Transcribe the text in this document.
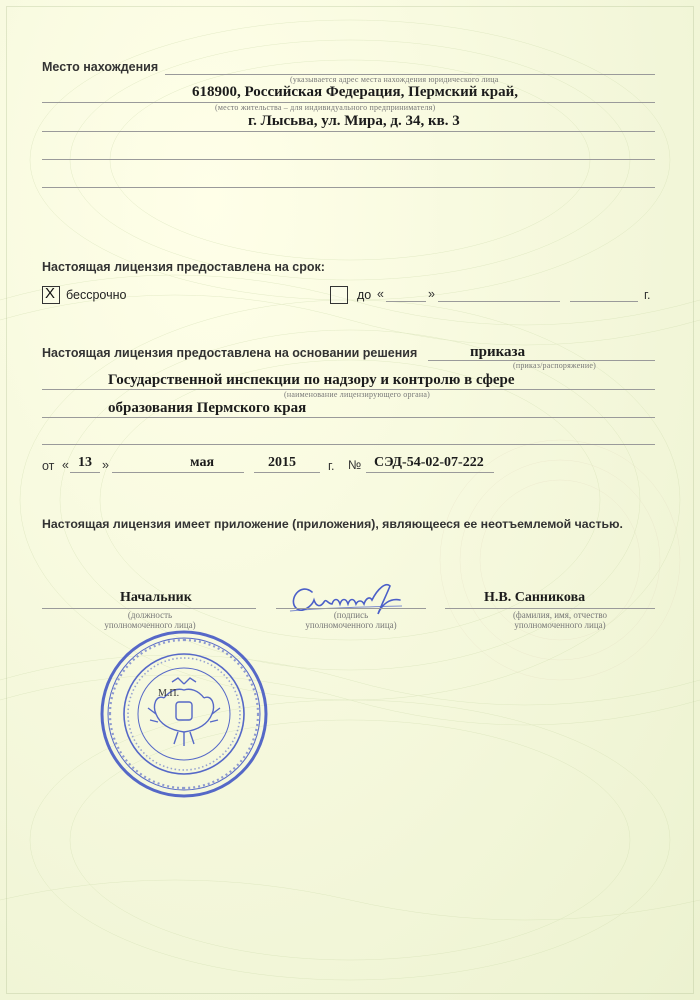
Место нахождения
(указывается адрес места нахождения юридического лица
618900, Российская Федерация, Пермский край,
(место жительства – для индивидуального предпринимателя)
г. Лысьва, ул. Мира, д. 34, кв. 3
Настоящая лицензия предоставлена на срок:
X бессрочно	до «	»	г.
Настоящая лицензия предоставлена на основании решения	приказа
(приказ/распоряжение)
Государственной инспекции по надзору и контролю в сфере
(наименование лицензирующего органа)
образования Пермского края
от « 13 »	мая	2015	г. № СЭД-54-02-07-222
Настоящая лицензия имеет приложение (приложения), являющееся ее неотъемлемой частью.
Начальник
(должность
уполномоченного лица)
(подпись
уполномоченного лица)
Н.В. Санникова
(фамилия, имя, отчество
уполномоченного лица)
М.П.
